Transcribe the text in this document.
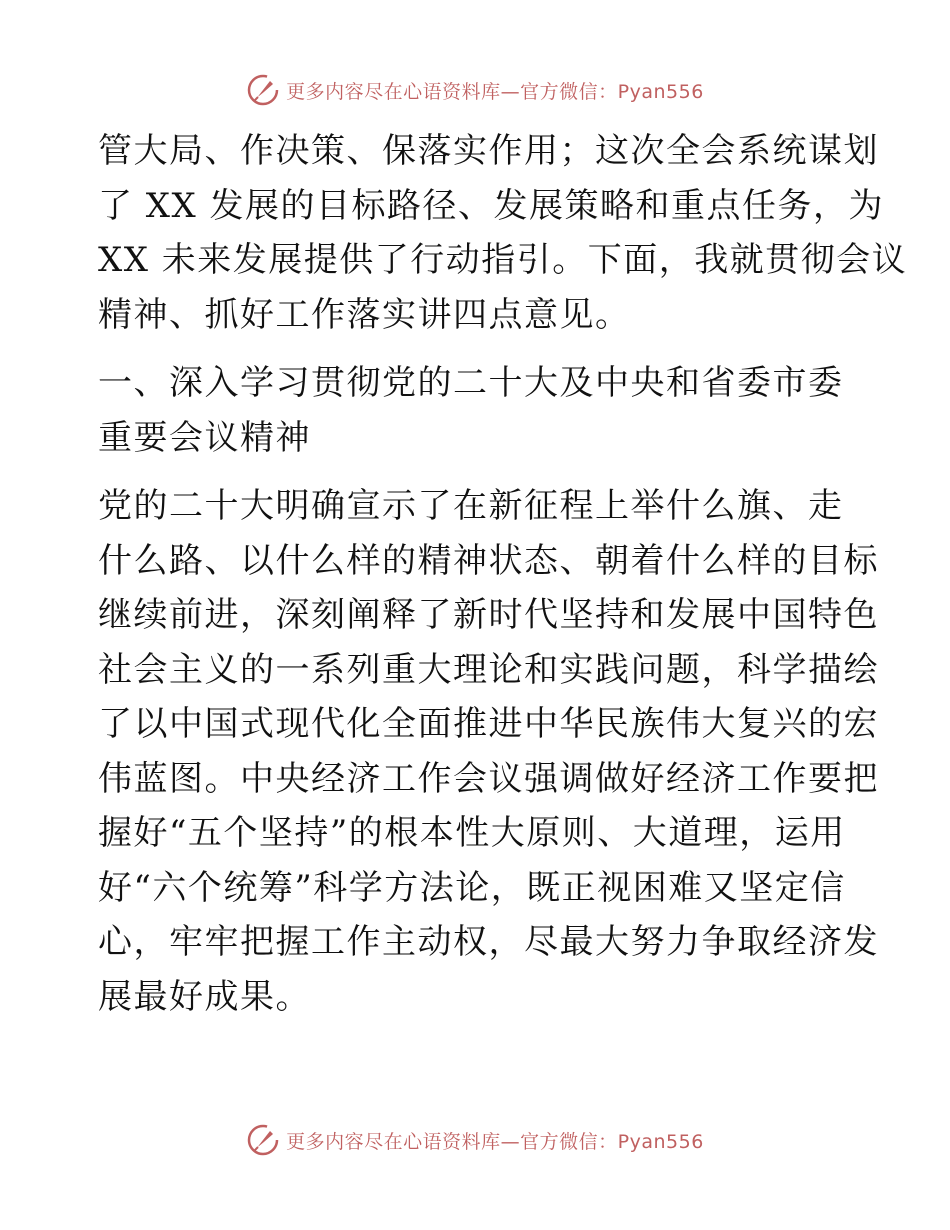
更多内容尽在心语资料库—官方微信：Pyan556
管大局、作决策、保落实作用；这次全会系统谋划
了 XX 发展的目标路径、发展策略和重点任务，为
XX 未来发展提供了行动指引。下面，我就贯彻会议
精神、抓好工作落实讲四点意见。
一、深入学习贯彻党的二十大及中央和省委市委
重要会议精神
党的二十大明确宣示了在新征程上举什么旗、走
什么路、以什么样的精神状态、朝着什么样的目标
继续前进，深刻阐释了新时代坚持和发展中国特色
社会主义的一系列重大理论和实践问题，科学描绘
了以中国式现代化全面推进中华民族伟大复兴的宏
伟蓝图。中央经济工作会议强调做好经济工作要把
握好“五个坚持”的根本性大原则、大道理，运用
好“六个统筹”科学方法论，既正视困难又坚定信
心，牢牢把握工作主动权，尽最大努力争取经济发
展最好成果。
更多内容尽在心语资料库—官方微信：Pyan556
